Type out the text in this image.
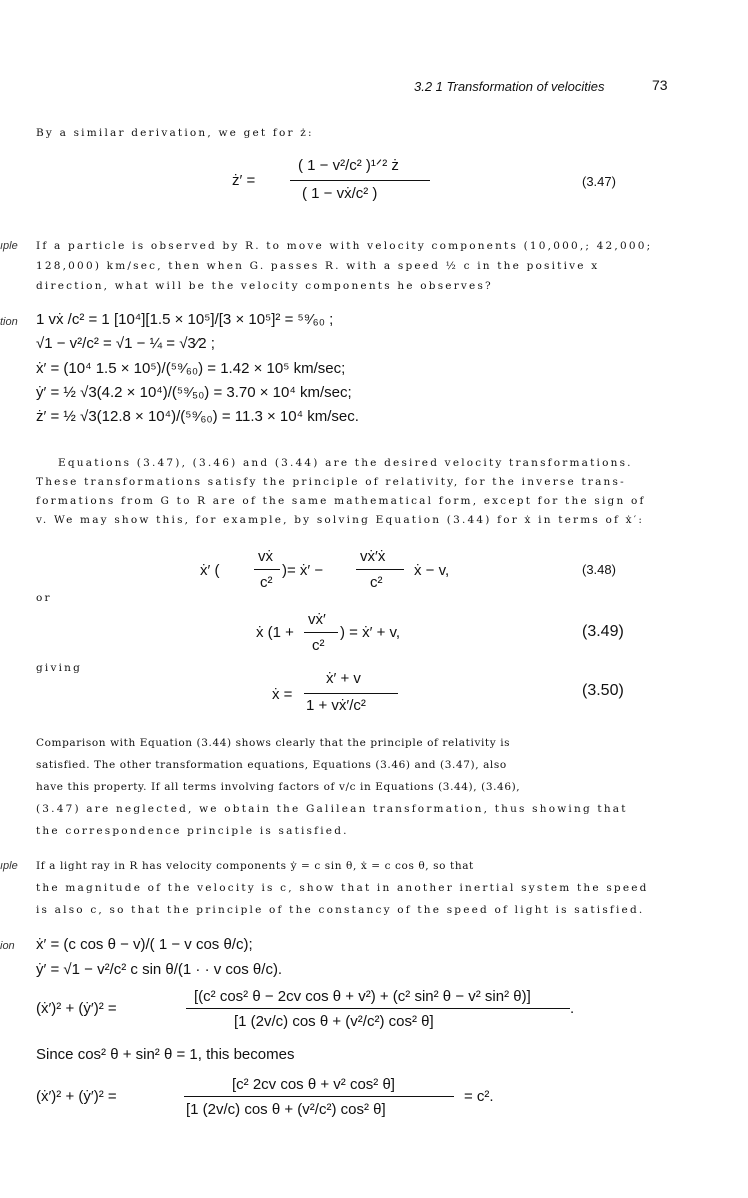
3.2 1 Transformation of velocities	73
By a similar derivation, we get for ż:
ż′ =
( 1 − v²/c² )¹ᐟ² ż
( 1 − vẋ/c² )
(3.47)
ıple If a particle is observed by R. to move with velocity components (10,000,; 42,000;
128,000) km/sec, then when G. passes R. with a speed ½ c in the positive x
direction, what will be the velocity components he observes?
tion 1 vẋ /c² = 1 [10⁴][1.5 × 10⁵]/[3 × 10⁵]² = ⁵⁹⁄₆₀ ;
√1 − v²/c² = √1 − ¼ = √3⁄2 ;
ẋ′ = (10⁴ 1.5 × 10⁵)/(⁵⁹⁄₆₀) = 1.42 × 10⁵ km/sec;
ẏ′ = ½ √3(4.2 × 10⁴)/(⁵⁹⁄₅₀) = 3.70 × 10⁴ km/sec;
ż′ = ½ √3(12.8 × 10⁴)/(⁵⁹⁄₆₀) = 11.3 × 10⁴ km/sec.
Equations (3.47), (3.46) and (3.44) are the desired velocity transformations.
These transformations satisfy the principle of relativity, for the inverse trans-
formations from G to R are of the same mathematical form, except for the sign of
v. We may show this, for example, by solving Equation (3.44) for ẋ in terms of ẋ′:
ẋ′ (
vẋ
c²
)= ẋ′ −
vẋ′ẋ
c²
ẋ − v,	(3.48)
or
ẋ (1 +
vẋ′
c²
) = ẋ′ + v,	(3.49)
giving
ẋ =
ẋ′ + v
1 + vẋ′/c²
(3.50)
Comparison with Equation (3.44) shows clearly that the principle of relativity is
satisfied. The other transformation equations, Equations (3.46) and (3.47), also
have this property. If all terms involving factors of v/c in Equations (3.44), (3.46),
(3.47) are neglected, we obtain the Galilean transformation, thus showing that
the correspondence principle is satisfied.
ıple If a light ray in R has velocity components ẏ = c sin θ, ẋ = c cos θ, so that
the magnitude of the velocity is c, show that in another inertial system the speed
is also c, so that the principle of the constancy of the speed of light is satisfied.
ion ẋ′ = (c cos θ − v)/( 1 − v cos θ/c);
ẏ′ = √1 − v²/c² c sin θ/(1 · · v cos θ/c).
(ẋ′)² + (ẏ′)² =
[(c² cos² θ − 2cv cos θ + v²) + (c² sin² θ − v² sin² θ)]
[1 (2v/c) cos θ + (v²/c²) cos² θ]
.
Since cos² θ + sin² θ = 1, this becomes
(ẋ′)² + (ẏ′)² =
[c² 2cv cos θ + v² cos² θ]
[1 (2v/c) cos θ + (v²/c²) cos² θ]
= c².
